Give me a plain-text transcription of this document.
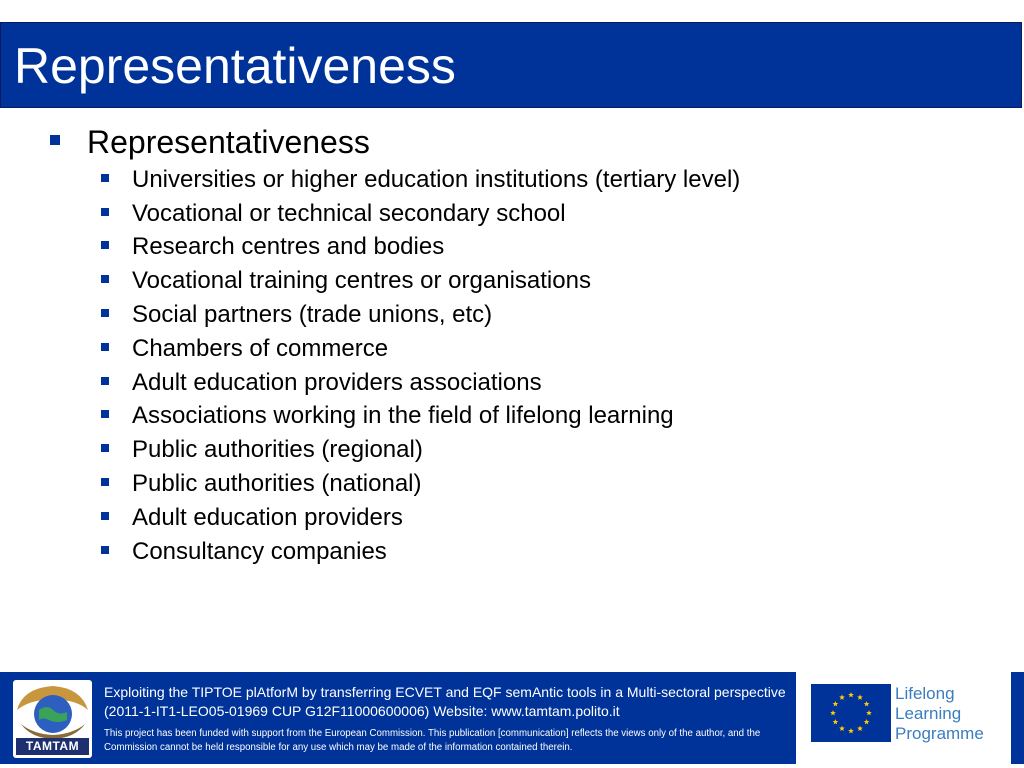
Representativeness
Representativeness
Universities or higher education institutions (tertiary level)
Vocational or technical secondary school
Research centres and bodies
Vocational training centres or organisations
Social partners (trade unions, etc)
Chambers of commerce
Adult education providers associations
Associations working in the field of lifelong learning
Public authorities (regional)
Public authorities (national)
Adult education providers
Consultancy companies
TAMTAM
Exploiting the TIPTOE plAtforM by transferring ECVET and EQF semAntic tools in a Multi-sectoral perspective (2011-1-IT1-LEO05-01969 CUP G12F11000600006) Website: www.tamtam.polito.it
This project has been funded with support from the European Commission. This publication [communication] reflects the views only of the author, and the Commission cannot be held responsible for any use which may be made of the information contained therein.
Lifelong
Learning
Programme
